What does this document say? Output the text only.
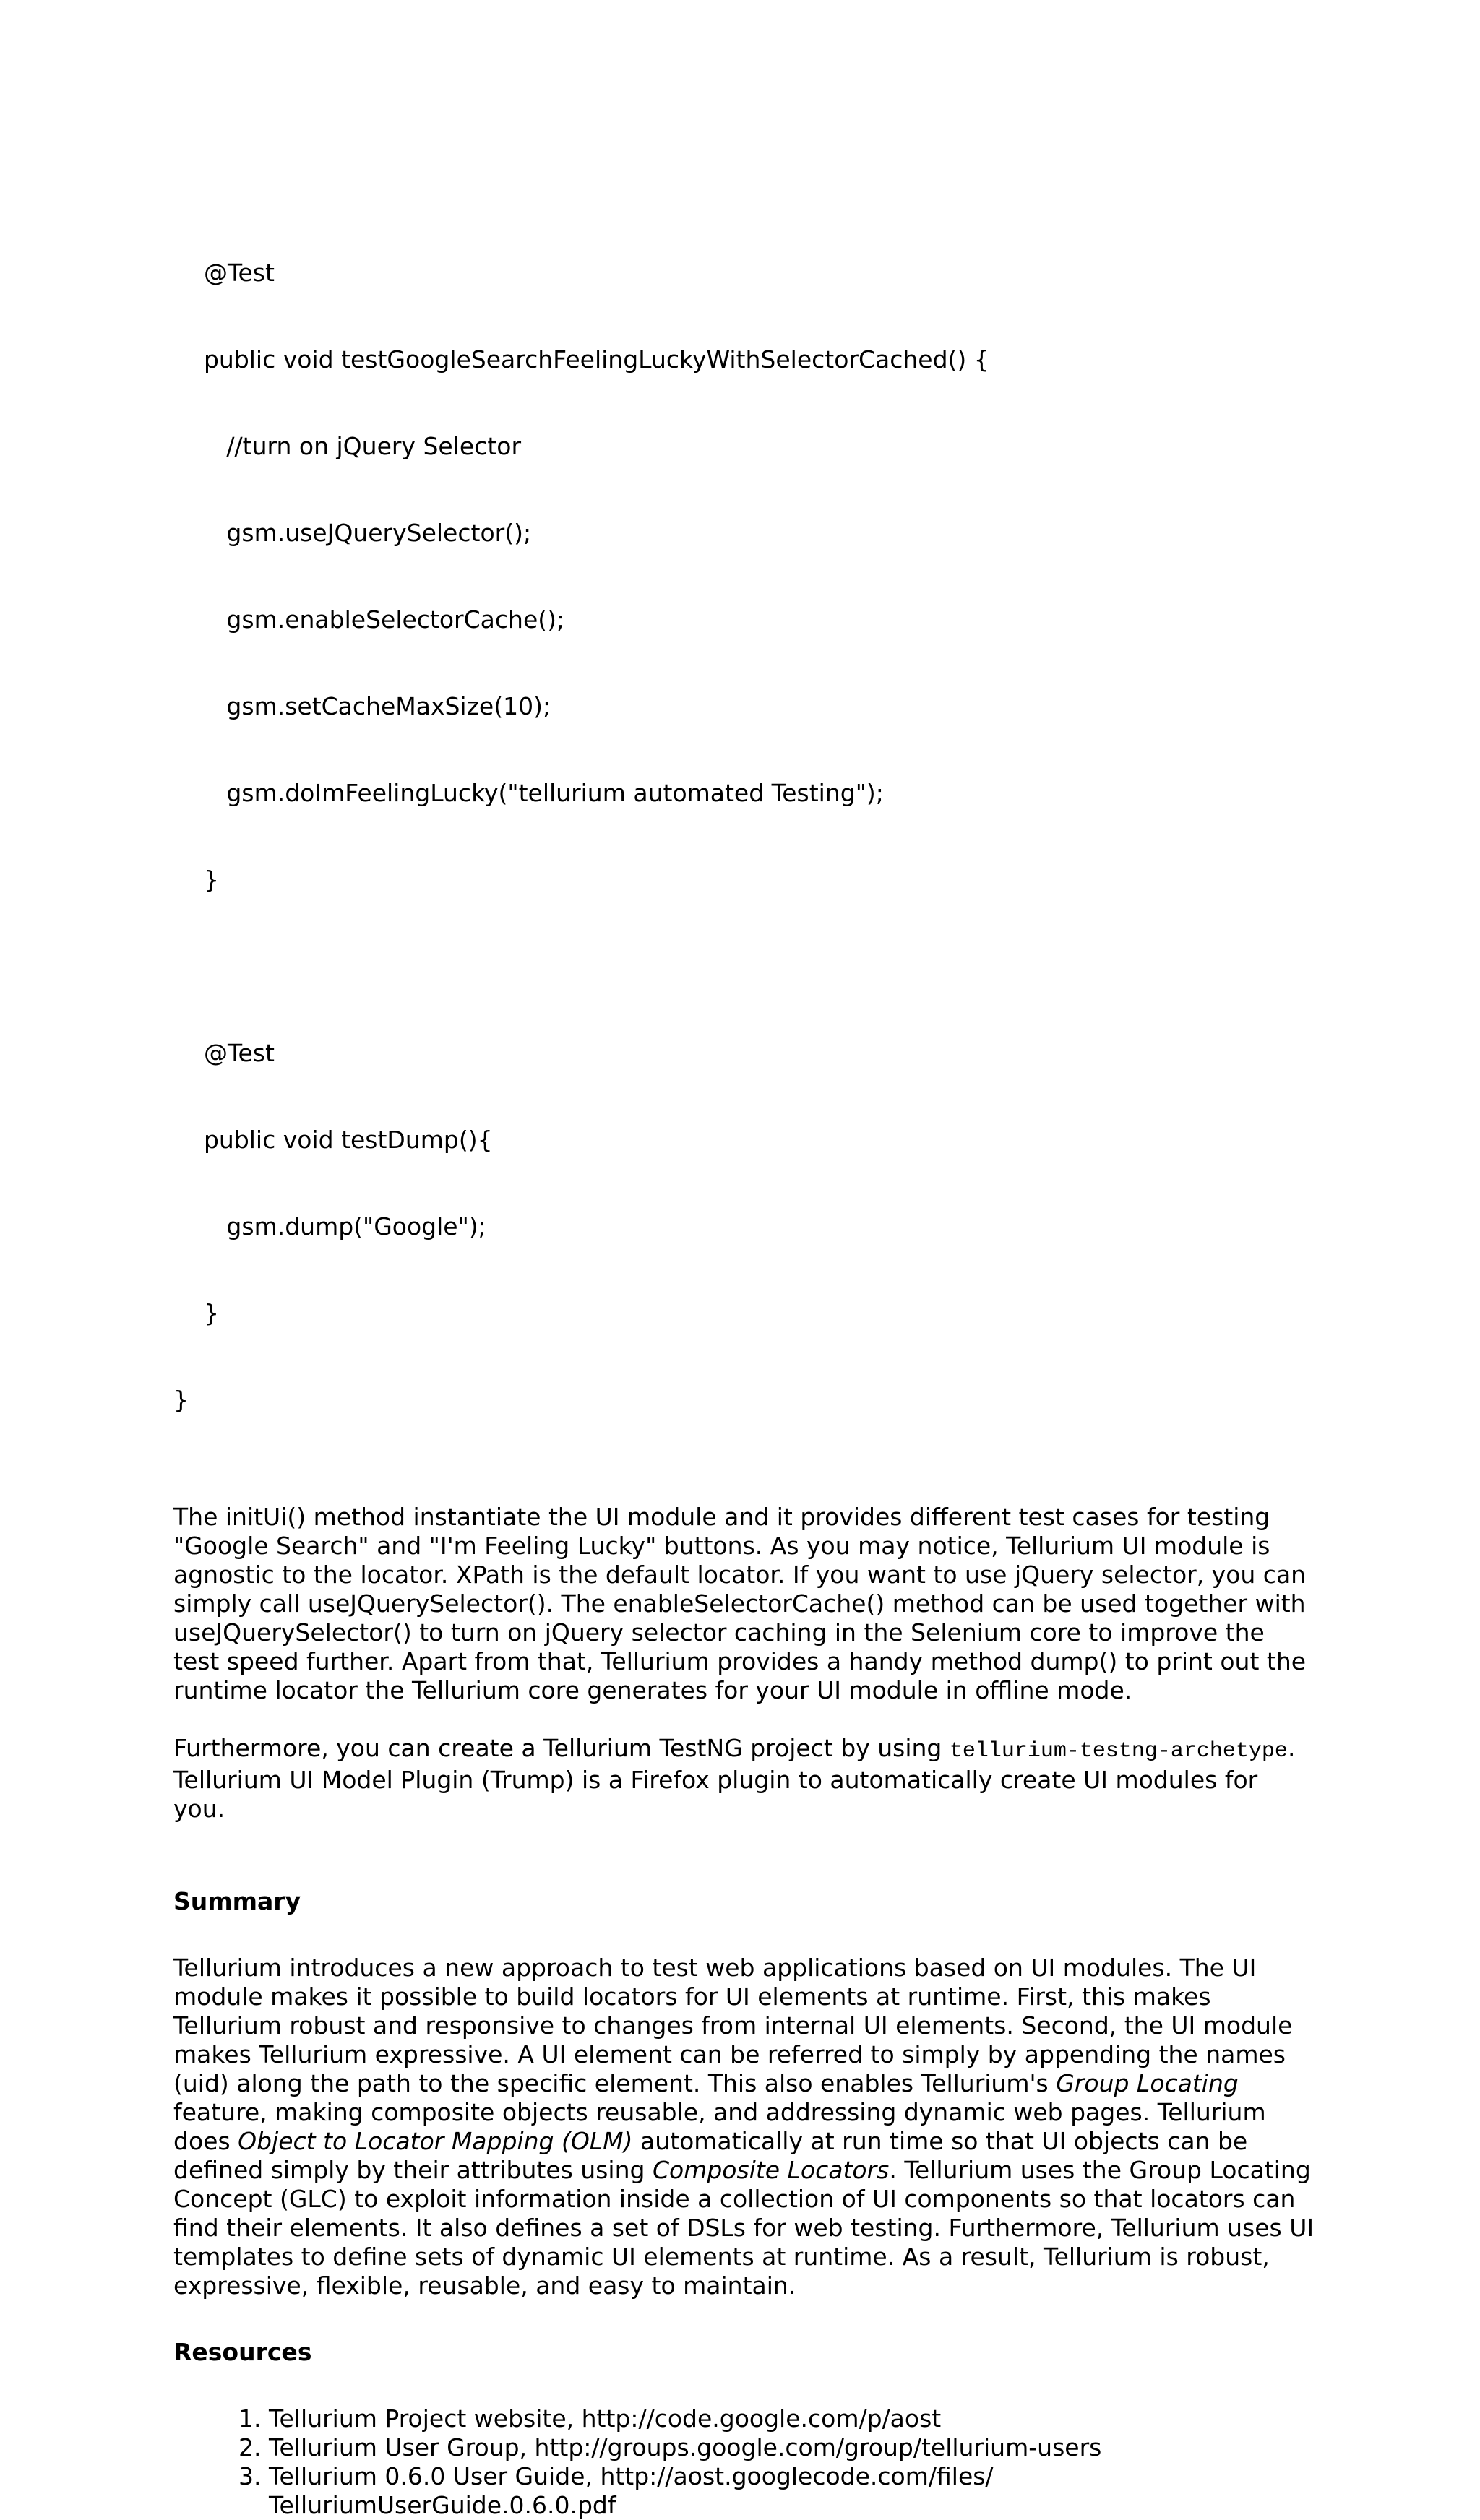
@Test

public void testGoogleSearchFeelingLuckyWithSelectorCached() {

//turn on jQuery Selector

gsm.useJQuerySelector();

gsm.enableSelectorCache();

gsm.setCacheMaxSize(10);

gsm.doImFeelingLucky("tellurium automated Testing");

}

@Test

public void testDump(){

gsm.dump("Google");

}

}

The initUi() method instantiate the UI module and it provides different test cases for testing "Google Search" and "I'm Feeling Lucky" buttons. As you may notice, Tellurium UI module is agnostic to the locator. XPath is the default locator. If you want to use jQuery selector, you can simply call useJQuerySelector(). The enableSelectorCache() method can be used together with useJQuerySelector() to turn on jQuery selector caching in the Selenium core to improve the test speed further. Apart from that, Tellurium provides a handy method dump() to print out the runtime locator the Tellurium core generates for your UI module in offline mode.

Furthermore, you can create a Tellurium TestNG project by using tellurium-testng-archetype. Tellurium UI Model Plugin (Trump) is a Firefox plugin to automatically create UI modules for you.

Summary

Tellurium introduces a new approach to test web applications based on UI modules. The UI module makes it possible to build locators for UI elements at runtime. First, this makes Tellurium robust and responsive to changes from internal UI elements. Second, the UI module makes Tellurium expressive. A UI element can be referred to simply by appending the names (uid) along the path to the specific element. This also enables Tellurium's Group Locating feature, making composite objects reusable, and addressing dynamic web pages. Tellurium does Object to Locator Mapping (OLM) automatically at run time so that UI objects can be defined simply by their attributes using Composite Locators. Tellurium uses the Group Locating Concept (GLC) to exploit information inside a collection of UI components so that locators can find their elements. It also defines a set of DSLs for web testing. Furthermore, Tellurium uses UI templates to define sets of dynamic UI elements at runtime. As a result, Tellurium is robust, expressive, flexible, reusable, and easy to maintain.

Resources
1. Tellurium Project website, http://code.google.com/p/aost
2. Tellurium User Group, http://groups.google.com/group/tellurium-users
3. Tellurium 0.6.0 User Guide, http://aost.googlecode.com/files/ TelluriumUserGuide.0.6.0.pdf
